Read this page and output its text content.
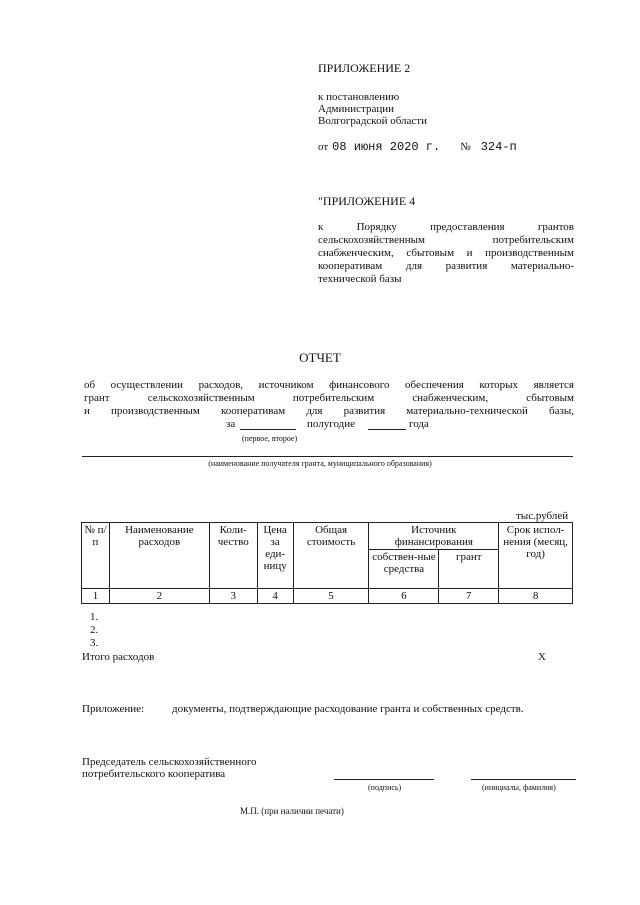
ПРИЛОЖЕНИЕ 2
к постановлению
Администрации
Волгоградской области
от 08 июня 2020 г. № 324-п
"ПРИЛОЖЕНИЕ 4
к Порядку предоставления грантов
сельскохозяйственным потребительским
снабженческим, сбытовым и производственным
кооперативам для развития материально-
технической базы
ОТЧЕТ
об осуществлении расходов, источником финансового обеспечения которых является
грант сельскохозяйственным потребительским снабженческим, сбытовым
и производственным кооперативам для развития материально-технической базы,
за	полугодие	года
(первое, второе)
(наименование получателя гранта, муниципального образования)
тыс.рублей
№ п/п	Наименование расходов	Коли-чество	Цена за еди-ницу	Общая стоимость	Источник финансирования		Срок испол-нения (месяц, год)
					собствен-ные средства	грант	
1	2	3	4	5	6	7	8
1.
2.
3.
Итого расходов	Х
Приложение:	документы, подтверждающие расходование гранта и собственных средств.
Председатель сельскохозяйственного
потребительского кооператива
(подпись)	(инициалы, фамилия)
М.П. (при наличии печати)
